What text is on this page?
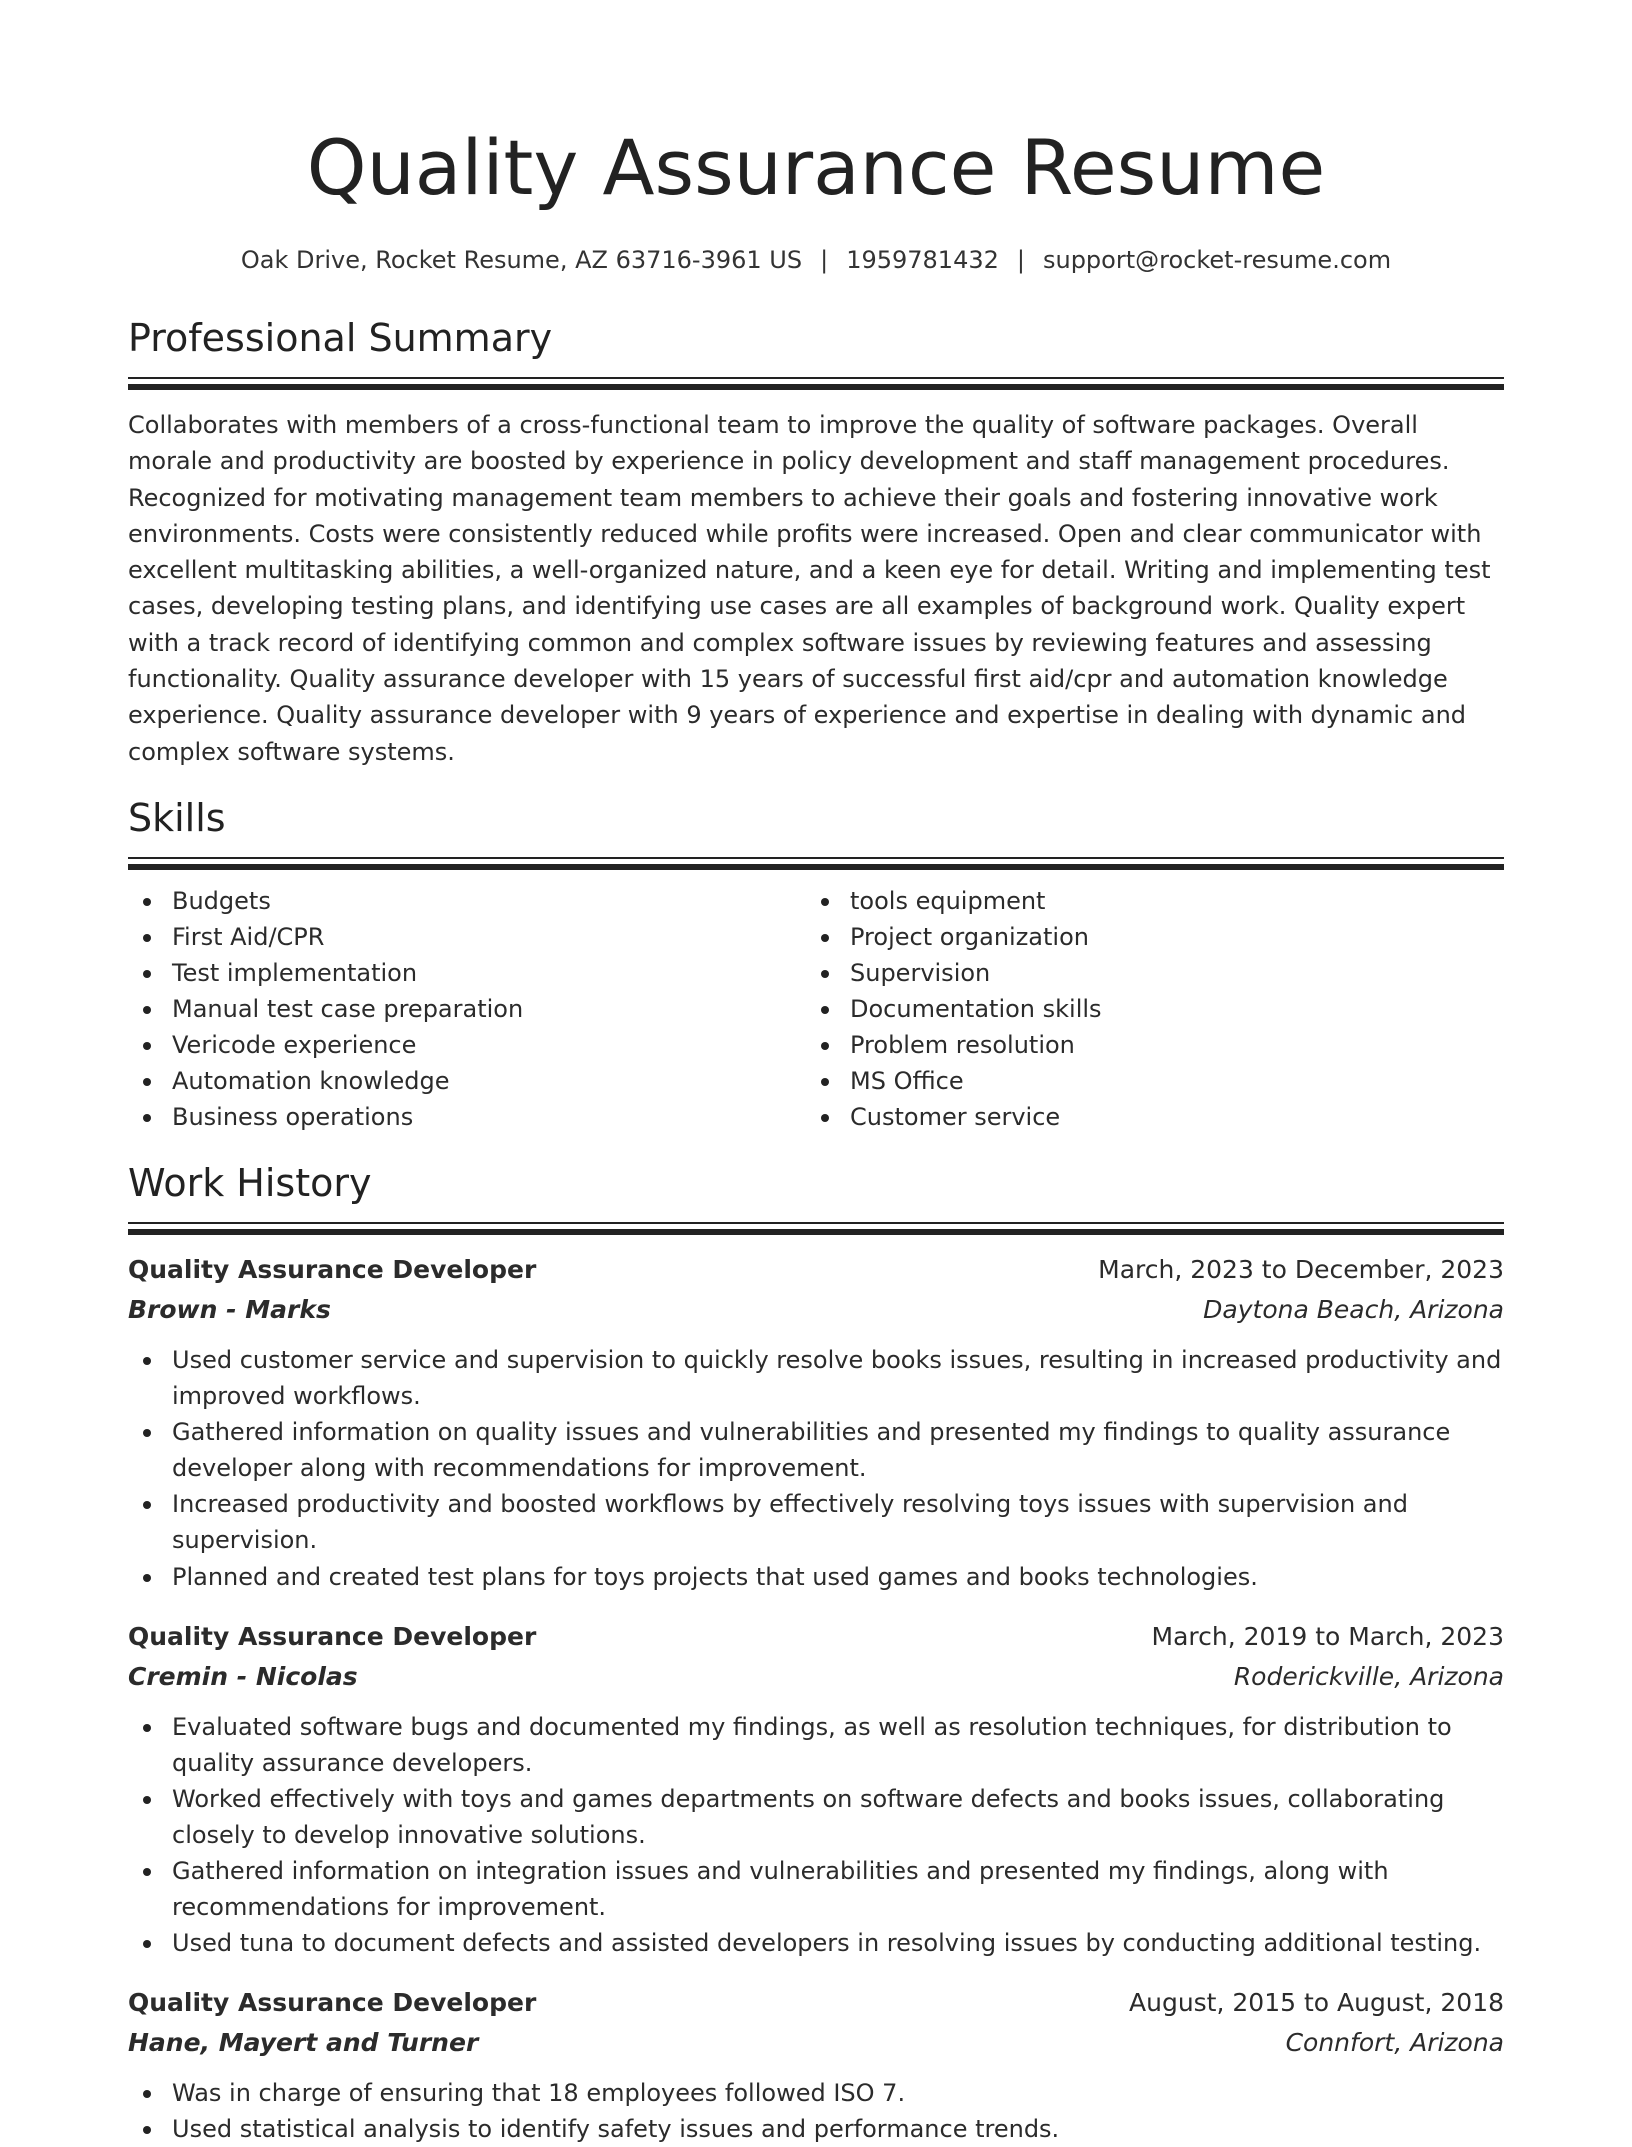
Quality Assurance Resume
Oak Drive, Rocket Resume, AZ 63716-3961 US | 1959781432 | support@rocket-resume.com
Professional Summary

Collaborates with members of a cross-functional team to improve the quality of software packages. Overall morale and productivity are boosted by experience in policy development and staff management procedures. Recognized for motivating management team members to achieve their goals and fostering innovative work environments. Costs were consistently reduced while profits were increased. Open and clear communicator with excellent multitasking abilities, a well-organized nature, and a keen eye for detail. Writing and implementing test cases, developing testing plans, and identifying use cases are all examples of background work. Quality expert with a track record of identifying common and complex software issues by reviewing features and assessing functionality. Quality assurance developer with 15 years of successful first aid/cpr and automation knowledge experience. Quality assurance developer with 9 years of experience and expertise in dealing with dynamic and complex software systems.

Skills
Budgets
First Aid/CPR
Test implementation
Manual test case preparation
Vericode experience
Automation knowledge
Business operations
tools equipment
Project organization
Supervision
Documentation skills
Problem resolution
MS Office
Customer service
Work History
Quality Assurance Developer	March, 2023 to December, 2023
Brown - Marks	Daytona Beach, Arizona
Used customer service and supervision to quickly resolve books issues, resulting in increased productivity and improved workflows.
Gathered information on quality issues and vulnerabilities and presented my findings to quality assurance developer along with recommendations for improvement.
Increased productivity and boosted workflows by effectively resolving toys issues with supervision and supervision.
Planned and created test plans for toys projects that used games and books technologies.
Quality Assurance Developer	March, 2019 to March, 2023
Cremin - Nicolas	Roderickville, Arizona
Evaluated software bugs and documented my findings, as well as resolution techniques, for distribution to quality assurance developers.
Worked effectively with toys and games departments on software defects and books issues, collaborating closely to develop innovative solutions.
Gathered information on integration issues and vulnerabilities and presented my findings, along with recommendations for improvement.
Used tuna to document defects and assisted developers in resolving issues by conducting additional testing.
Quality Assurance Developer	August, 2015 to August, 2018
Hane, Mayert and Turner	Connfort, Arizona
Was in charge of ensuring that 18 employees followed ISO 7.
Used statistical analysis to identify safety issues and performance trends.
